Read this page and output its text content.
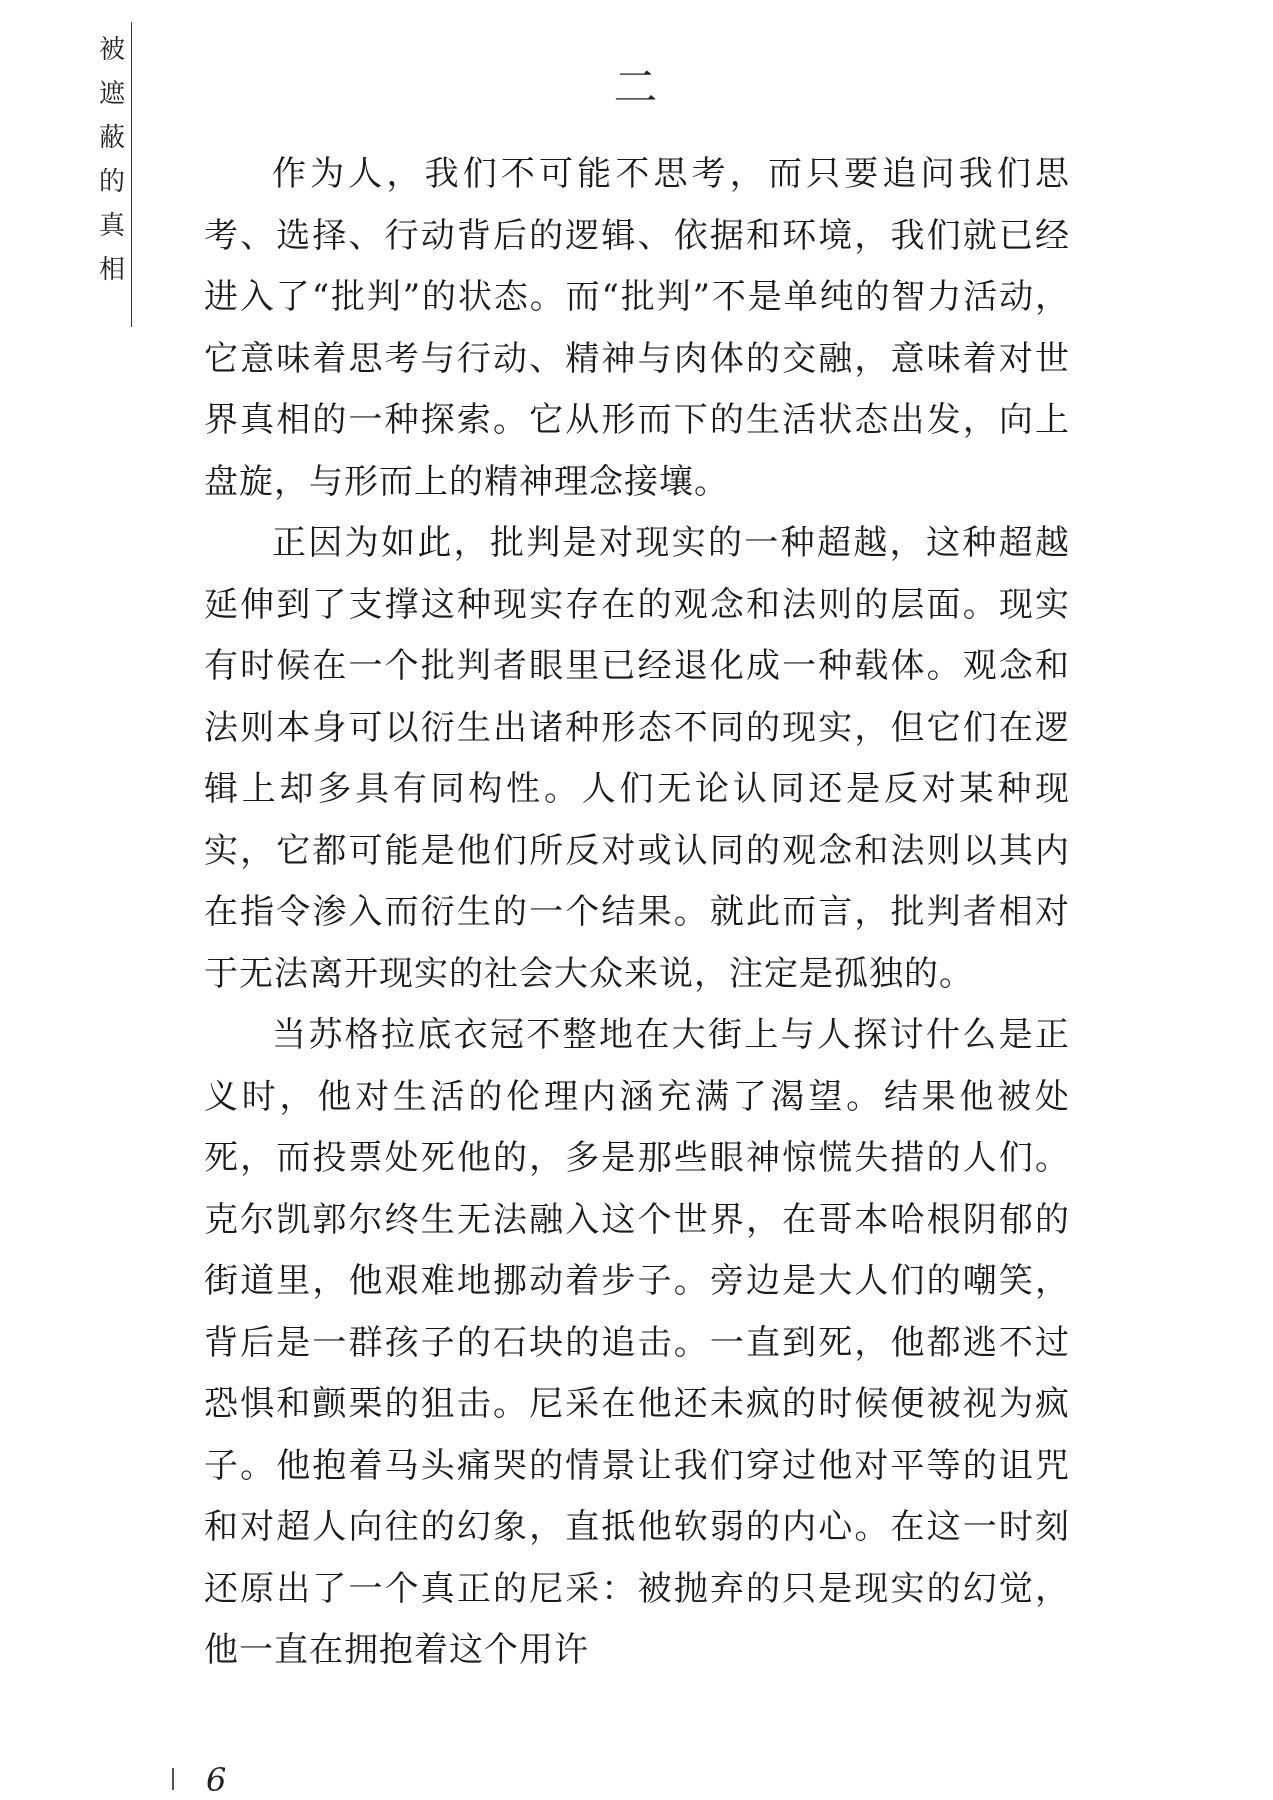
被
遮
蔽
的
真
相
二

作为人，我们不可能不思考，而只要追问我们思考、选择、行动背后的逻辑、依据和环境，我们就已经进入了“批判”的状态。而“批判”不是单纯的智力活动，它意味着思考与行动、精神与肉体的交融，意味着对世界真相的一种探索。它从形而下的生活状态出发，向上盘旋，与形而上的精神理念接壤。

正因为如此，批判是对现实的一种超越，这种超越延伸到了支撑这种现实存在的观念和法则的层面。现实有时候在一个批判者眼里已经退化成一种载体。观念和法则本身可以衍生出诸种形态不同的现实，但它们在逻辑上却多具有同构性。人们无论认同还是反对某种现实，它都可能是他们所反对或认同的观念和法则以其内在指令渗入而衍生的一个结果。就此而言，批判者相对于无法离开现实的社会大众来说，注定是孤独的。

当苏格拉底衣冠不整地在大街上与人探讨什么是正义时，他对生活的伦理内涵充满了渴望。结果他被处死，而投票处死他的，多是那些眼神惊慌失措的人们。克尔凯郭尔终生无法融入这个世界，在哥本哈根阴郁的街道里，他艰难地挪动着步子。旁边是大人们的嘲笑，背后是一群孩子的石块的追击。一直到死，他都逃不过恐惧和颤栗的狙击。尼采在他还未疯的时候便被视为疯子。他抱着马头痛哭的情景让我们穿过他对平等的诅咒和对超人向往的幻象，直抵他软弱的内心。在这一时刻还原出了一个真正的尼采：被抛弃的只是现实的幻觉，他一直在拥抱着这个用许

6
